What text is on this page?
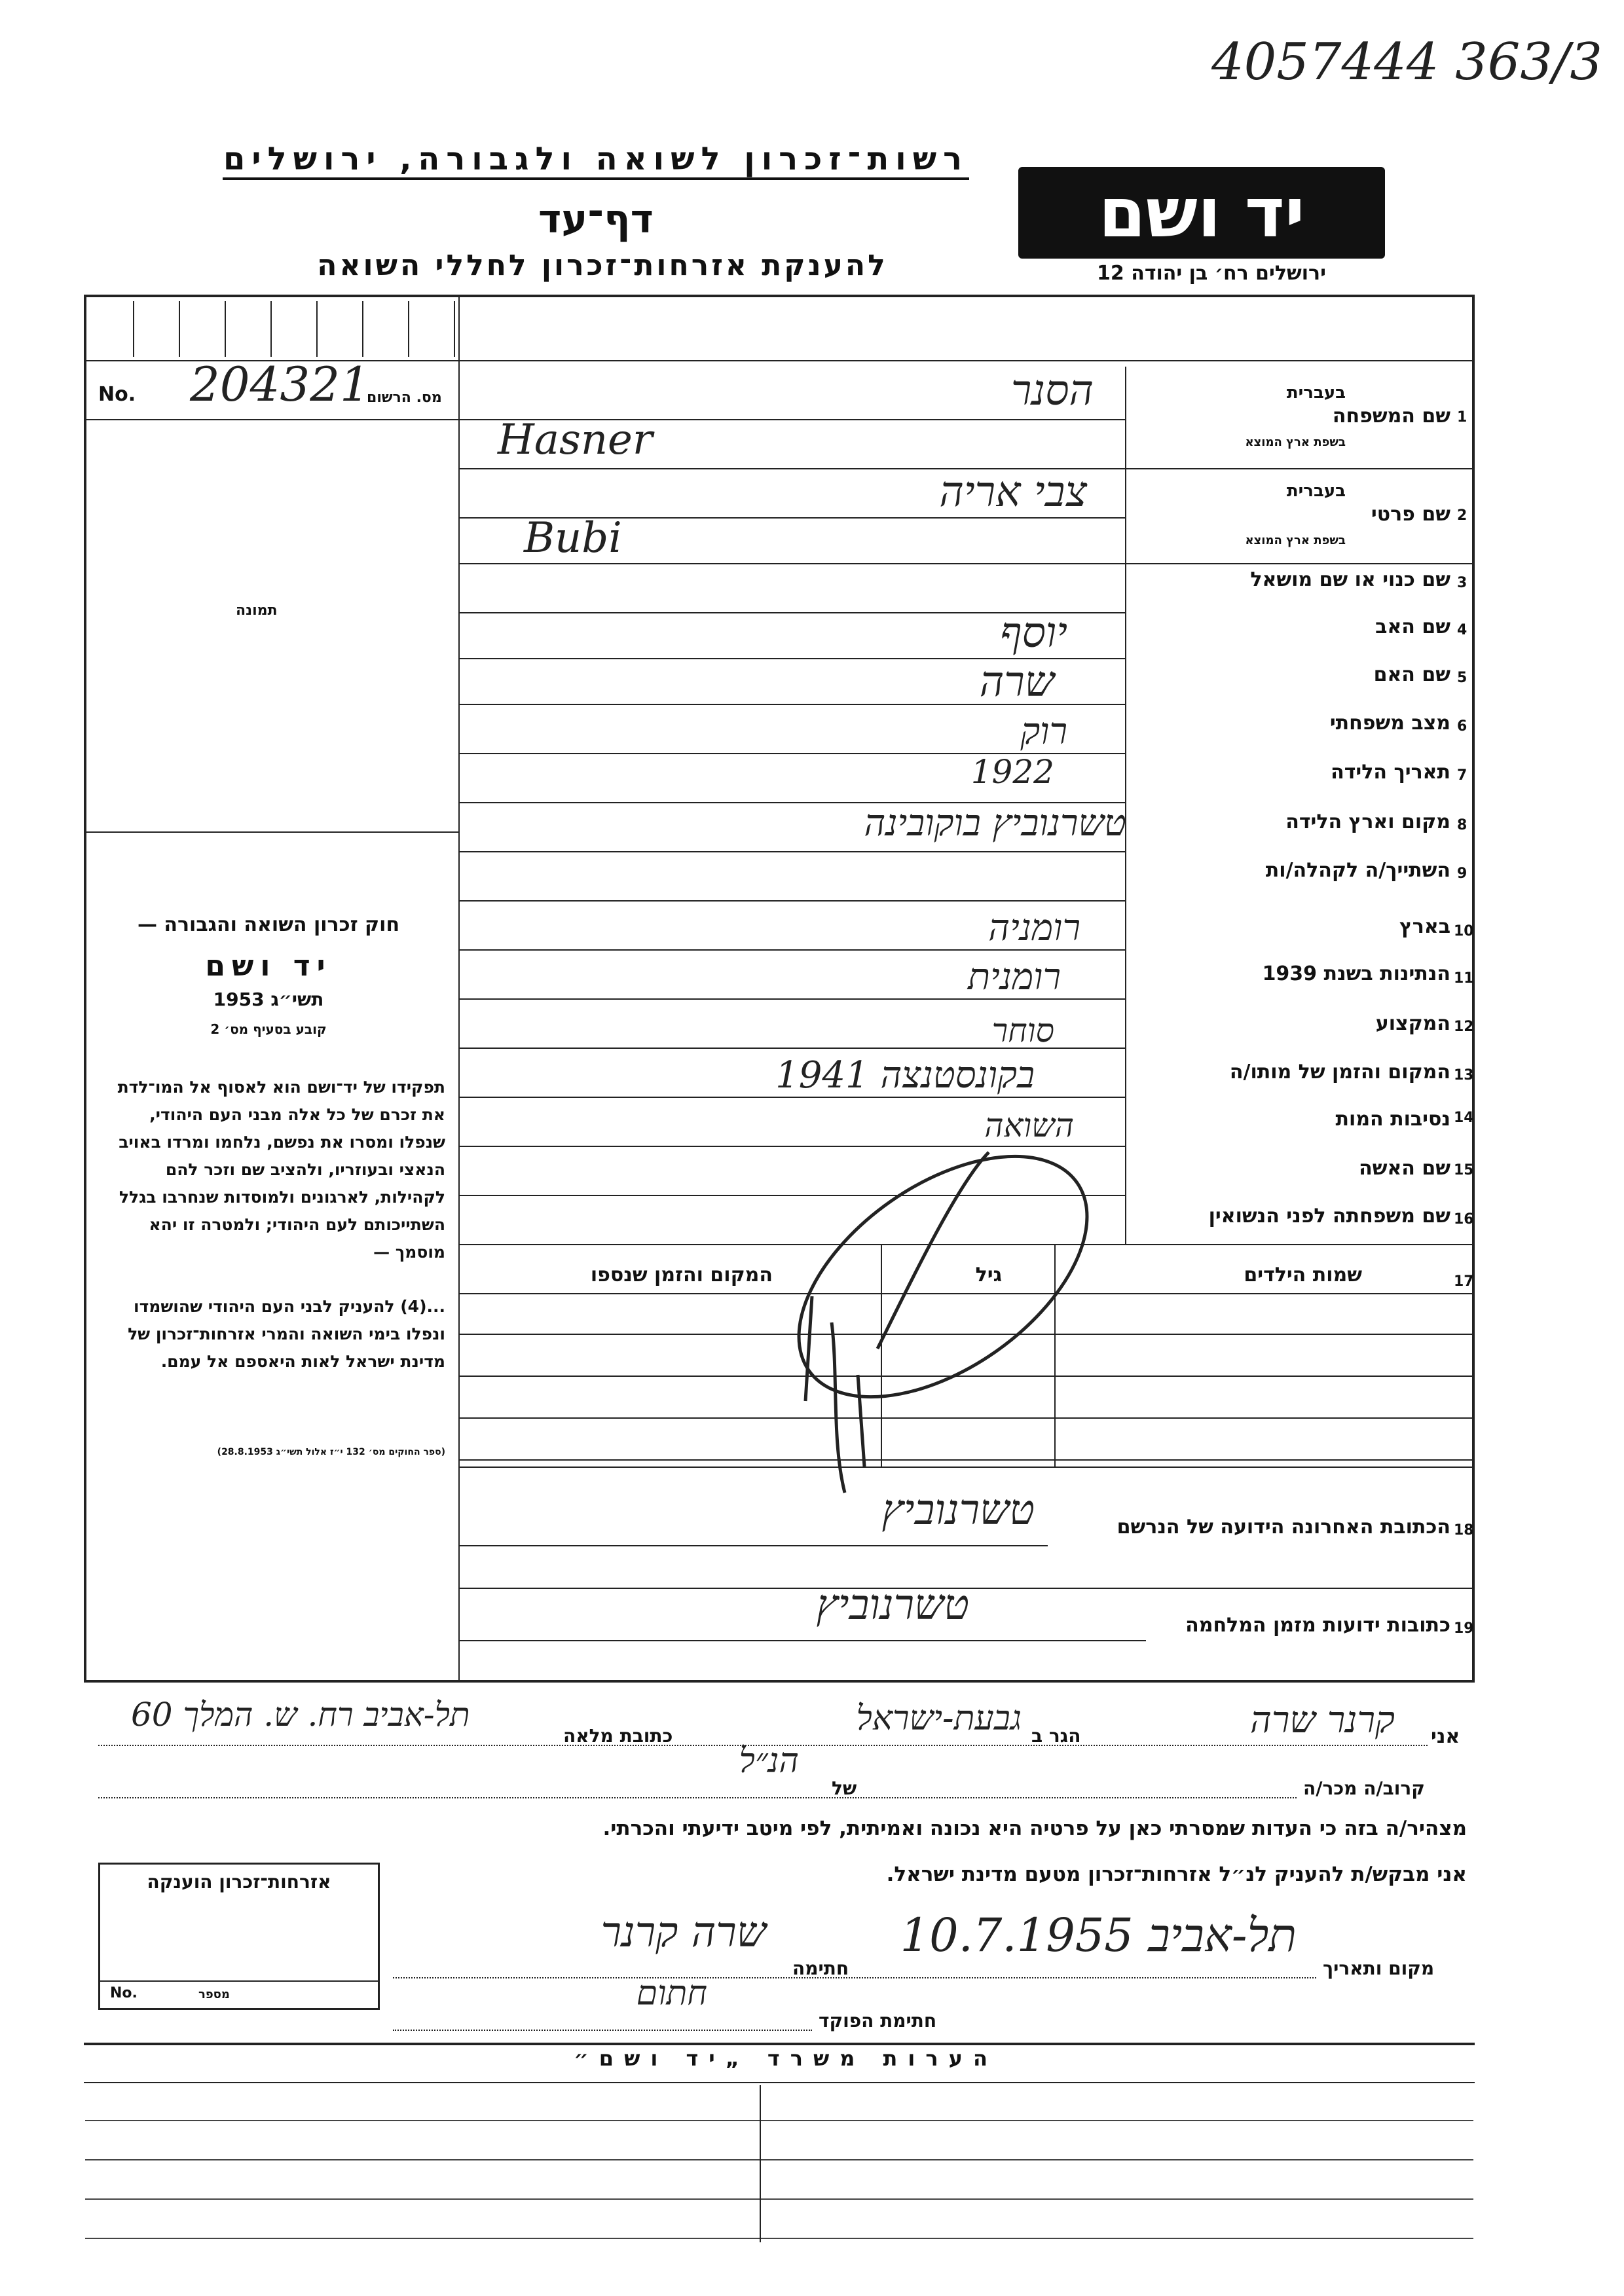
4057444 363/3
רשות־זכרון לשואה ולגבורה, ירושלים
דף־עד
להענקת אזרחות־זכרון לחללי השואה
יד ושם
ירושלים רח׳ בן יהודה 12
No. 204321
מס. הרשום
תמונה
חוק זכרון השואה והגבורה —
יד ושם
תשי״ג 1953
קובע בסעיף מס׳ 2
תפקידו של יד־ושם הוא לאסוף אל המו־לדת את זכרם של כל אלה מבני העם היהודי, שנפלו ומסרו את נפשם, נלחמו ומרדו באויב הנאצי ובעוזריו, ולהציב שם וזכר להם לקהילות, לארגונים ולמוסדות שנחרבו בגלל השתייכותם לעם היהודי; ולמטרה זו יהא מוסמך —
...(4) להעניק לבני העם היהודי שהושמדו ונפלו בימי השואה והמרי אזרחות־זכרון של מדינת ישראל לאות היאספם אל עמם.
(ספר החוקים מס׳ 132 י״ז אלול תשי״ג 28.8.1953)
1
שם המשפחה
בעברית
בשפת ארץ המוצא
הסנר
Hasner
2
שם פרטי
בעברית
בשפת ארץ המוצא
צבי אריה
Bubi
3
שם כנוי או שם מושאל
4
שם האב
יוסף
5
שם האם
שרה
6
מצב משפחתי
רוק
7
תאריך הלידה
1922
8
מקום וארץ הלידה
טשרנוביץ בוקובינה
9
השתייך/ה לקהלה/ות
10
בארץ
רומניה
11
הנתינות בשנת 1939
רומנית
12
המקצוע
סוחר
13
המקום והזמן של מותו/ה
בקונסטנצה 1941
14
נסיבות המות
השואה
15
שם האשה
16
שם משפחתה לפני הנשואין
17
שמות הילדים
גיל
המקום והזמן שנספו
18
הכתובת האחרונה הידועה של הנרשם
טשרנוביץ
19
כתובות ידועות מזמן המלחמה
טשרנוביץ
אני
קרנר שרה
הגר ב
גבעת-ישראל
כתובת מלאה
תל-אביב רח. ש. המלך 60
קרוב/ה מכר/ה
של
הנ״ל
מצהיר/ה בזה כי העדות שמסרתי כאן על פרטיה היא נכונה ואמיתית, לפי מיטב ידיעתי והכרתי.
אני מבקש/ת להעניק לנ״ל אזרחות־זכרון מטעם מדינת ישראל.
מקום ותאריך
תל-אביב 10.7.1955
חתימה
שרה קרנר
חתימת הפוקד
חתום
אזרחות־זכרון הוענקה
No.	מספר
הערות משרד „יד ושם״
